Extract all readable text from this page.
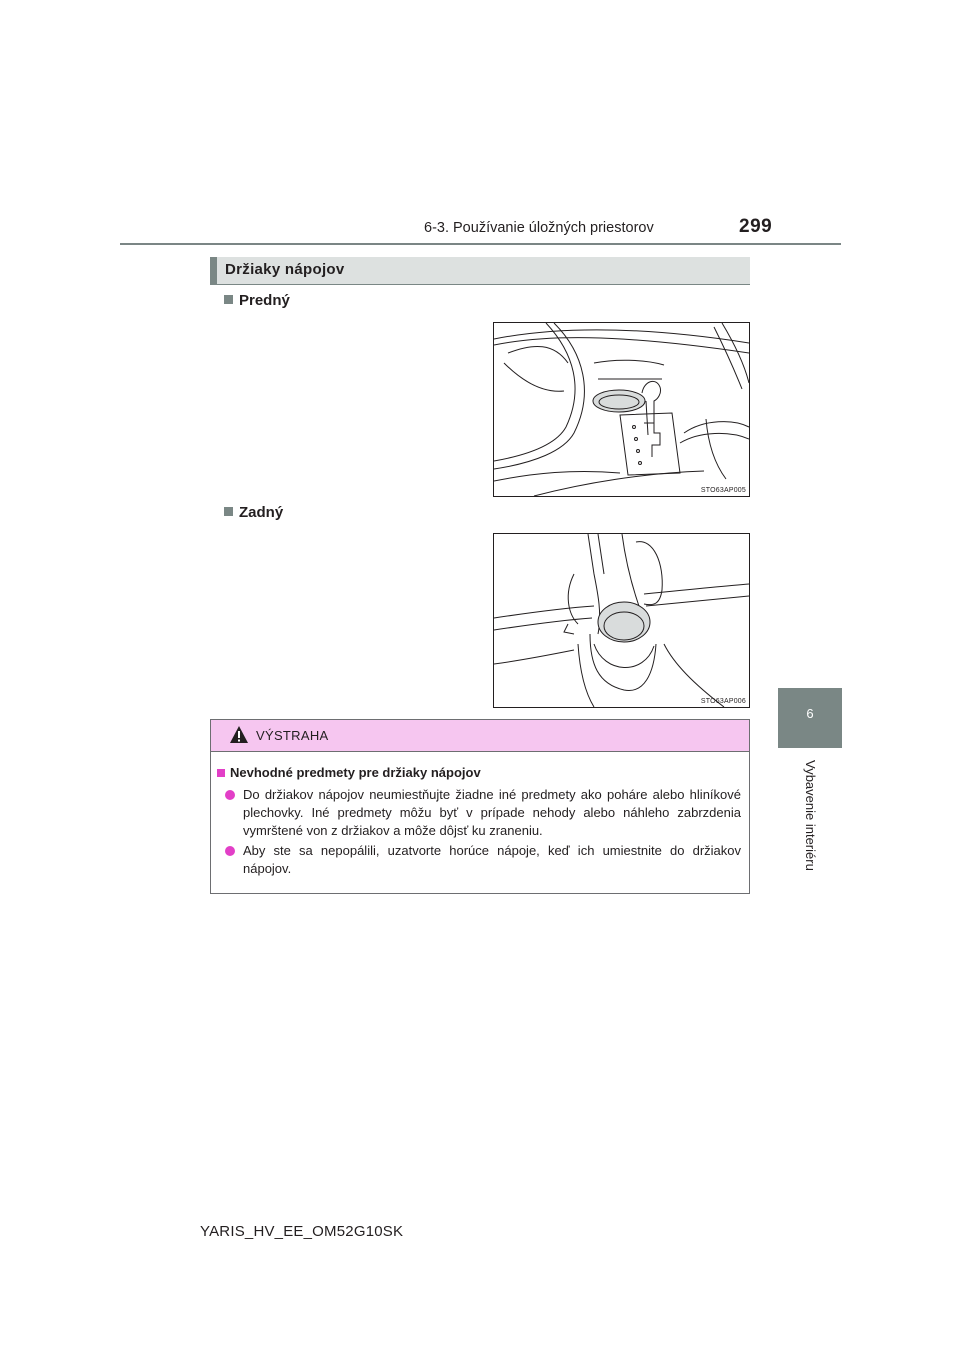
6-3. Používanie úložných priestorov	299
6
Vybavenie interiéru
Držiaky nápojov
Predný
STO63AP005
Zadný
STO63AP006
VÝSTRAHA
Nevhodné predmety pre držiaky nápojov
Do držiakov nápojov neumiestňujte žiadne iné predmety ako poháre alebo hliníkové plechovky. Iné predmety môžu byť v prípade nehody alebo náhleho zabrzdenia vymrštené von z držiakov a môže dôjsť ku zraneniu.
Aby ste sa nepopálili, uzatvorte horúce nápoje, keď ich umiestnite do držiakov nápojov.
YARIS_HV_EE_OM52G10SK
